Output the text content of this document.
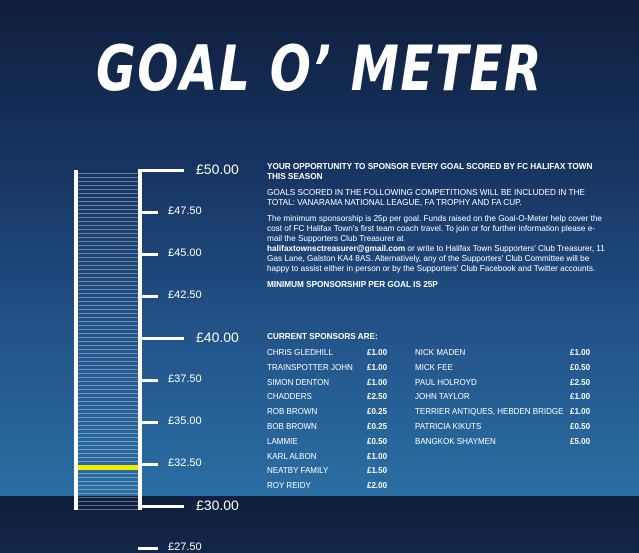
GOAL O’ METER
£50.00
£47.50
£45.00
£42.50
£40.00
£37.50
£35.00
£32.50
£30.00
£27.50

YOUR OPPORTUNITY TO SPONSOR EVERY GOAL SCORED BY FC HALIFAX TOWN THIS SEASON

GOALS SCORED IN THE FOLLOWING COMPETITIONS WILL BE INCLUDED IN THE TOTAL: VANARAMA NATIONAL LEAGUE, FA TROPHY AND FA CUP.

The minimum sponsorship is 25p per goal. Funds raised on the Goal-O-Meter help cover the cost of FC Halifax Town's first team coach travel. To join or for further information please e-mail the Supporters Club Treasurer at
halifaxtownsctreasurer@gmail.com or write to Halifax Town Supporters' Club Treasurer, 11 Gas Lane, Galston KA4 8AS. Alternatively, any of the Supporters' Club Committee will be happy to assist either in person or by the Supporters' Club Facebook and Twitter accounts.

MINIMUM SPONSORSHIP PER GOAL IS 25P

CURRENT SPONSORS ARE:
CHRIS GLEDHILL	£1.00
TRAINSPOTTER JOHN £1.00
SIMON DENTON	£1.00
CHADDERS	£2.50
ROB BROWN	£0.25
BOB BROWN	£0.25
LAMMIE	£0.50
KARL ALBON	£1.00
NEATBY FAMILY	£1.50
ROY REIDY	£2.00
NICK MADEN	£1.00
MICK FEE	£0.50
PAUL HOLROYD	£2.50
JOHN TAYLOR	£1.00
TERRIER ANTIQUES, HEBDEN BRIDGE £1.00
PATRICIA KIKUTS	£0.50
BANGKOK SHAYMEN	£5.00
